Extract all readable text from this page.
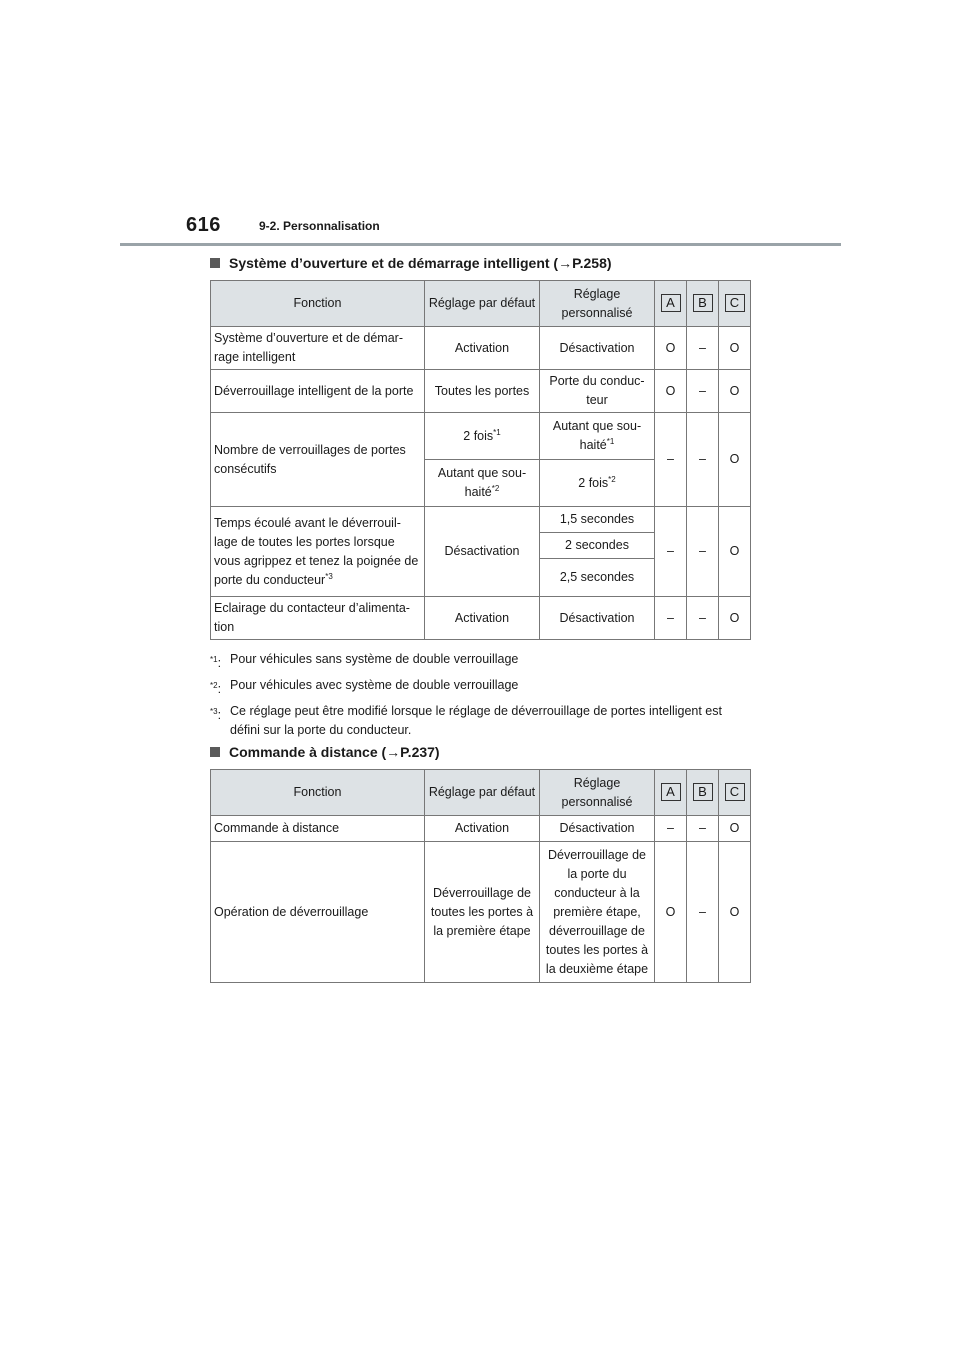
616	9-2. Personnalisation
Système d’ouverture et de démarrage intelligent (→P.258)
Fonction	Réglage par défaut	Réglage personnalisé	A	B	C
Système d’ouverture et de démar-rage intelligent	Activation	Désactivation	O	–	O
Déverrouillage intelligent de la porte	Toutes les portes	Porte du conduc-teur	O	–	O
Nombre de verrouillages de portes consécutifs	2 fois$^{*1}$	Autant que sou-haité$^{*1}$	–	–	O
	Autant que sou-haité$^{*2}$	2 fois$^{*2}$
Temps écoulé avant le déverrouil-lage de toutes les portes lorsque vous agrippez et tenez la poignée de porte du conducteur$^{*3}$	Désactivation	1,5 secondes	–	–	O
		2 secondes			
		2,5 secondes			
Eclairage du contacteur d’alimenta-tion	Activation	Désactivation	–	–	O
$^{*1}$: Pour véhicules sans système de double verrouillage
$^{*2}$: Pour véhicules avec système de double verrouillage
$^{*3}$: Ce réglage peut être modifié lorsque le réglage de déverrouillage de portes intelligent est défini sur la porte du conducteur.
Commande à distance (→P.237)
Fonction	Réglage par défaut	Réglage personnalisé	A	B	C
Commande à distance	Activation	Désactivation	–	–	O
Opération de déverrouillage	Déverrouillage de toutes les portes à la première étape	Déverrouillage de la porte du conducteur à la première étape, déverrouillage de toutes les portes à la deuxième étape	O	–	O
